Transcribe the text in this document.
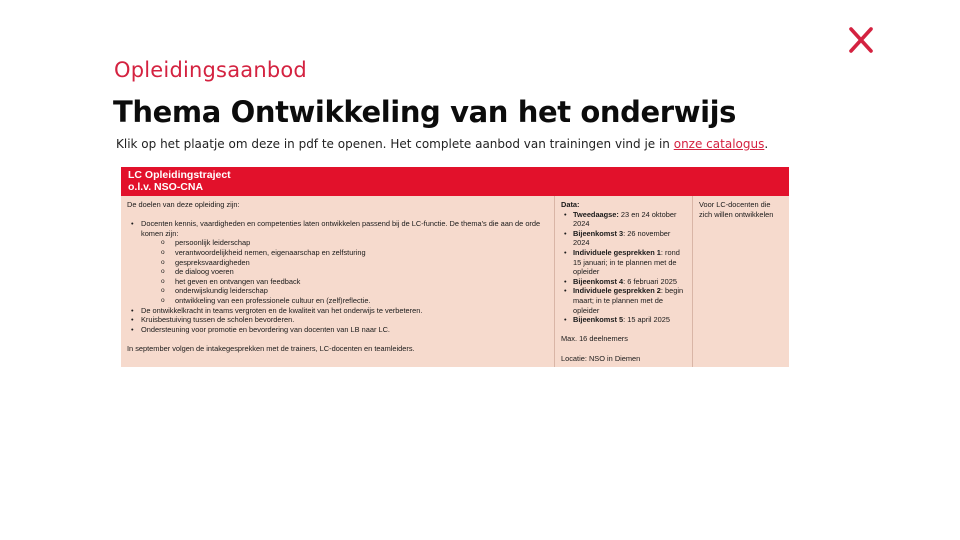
Opleidingsaanbod
Thema Ontwikkeling van het onderwijs

Klik op het plaatje om deze in pdf te openen. Het complete aanbod van trainingen vind je in onze catalogus.

LC Opleidingstraject
o.l.v. NSO-CNA
De doelen van deze opleiding zijn:
• Docenten kennis, vaardigheden en competenties laten ontwikkelen passend bij de LC-functie. De thema's die aan de orde komen zijn:
o persoonlijk leiderschap
o verantwoordelijkheid nemen, eigenaarschap en zelfsturing
o gespreksvaardigheden
o de dialoog voeren
o het geven en ontvangen van feedback
o onderwijskundig leiderschap
o ontwikkeling van een professionele cultuur en (zelf)reflectie.
• De ontwikkelkracht in teams vergroten en de kwaliteit van het onderwijs te verbeteren.
• Kruisbestuiving tussen de scholen bevorderen.
• Ondersteuning voor promotie en bevordering van docenten van LB naar LC.
In september volgen de intakegesprekken met de trainers, LC-docenten en teamleiders.
Data:
• Tweedaagse: 23 en 24 oktober 2024
• Bijeenkomst 3: 26 november 2024
• Individuele gesprekken 1: rond 15 januari; in te plannen met de opleider
• Bijeenkomst 4: 6 februari 2025
• Individuele gesprekken 2: begin maart; in te plannen met de opleider
• Bijeenkomst 5: 15 april 2025
Max. 16 deelnemers
Locatie: NSO in Diemen
Voor LC-docenten die zich willen ontwikkelen
